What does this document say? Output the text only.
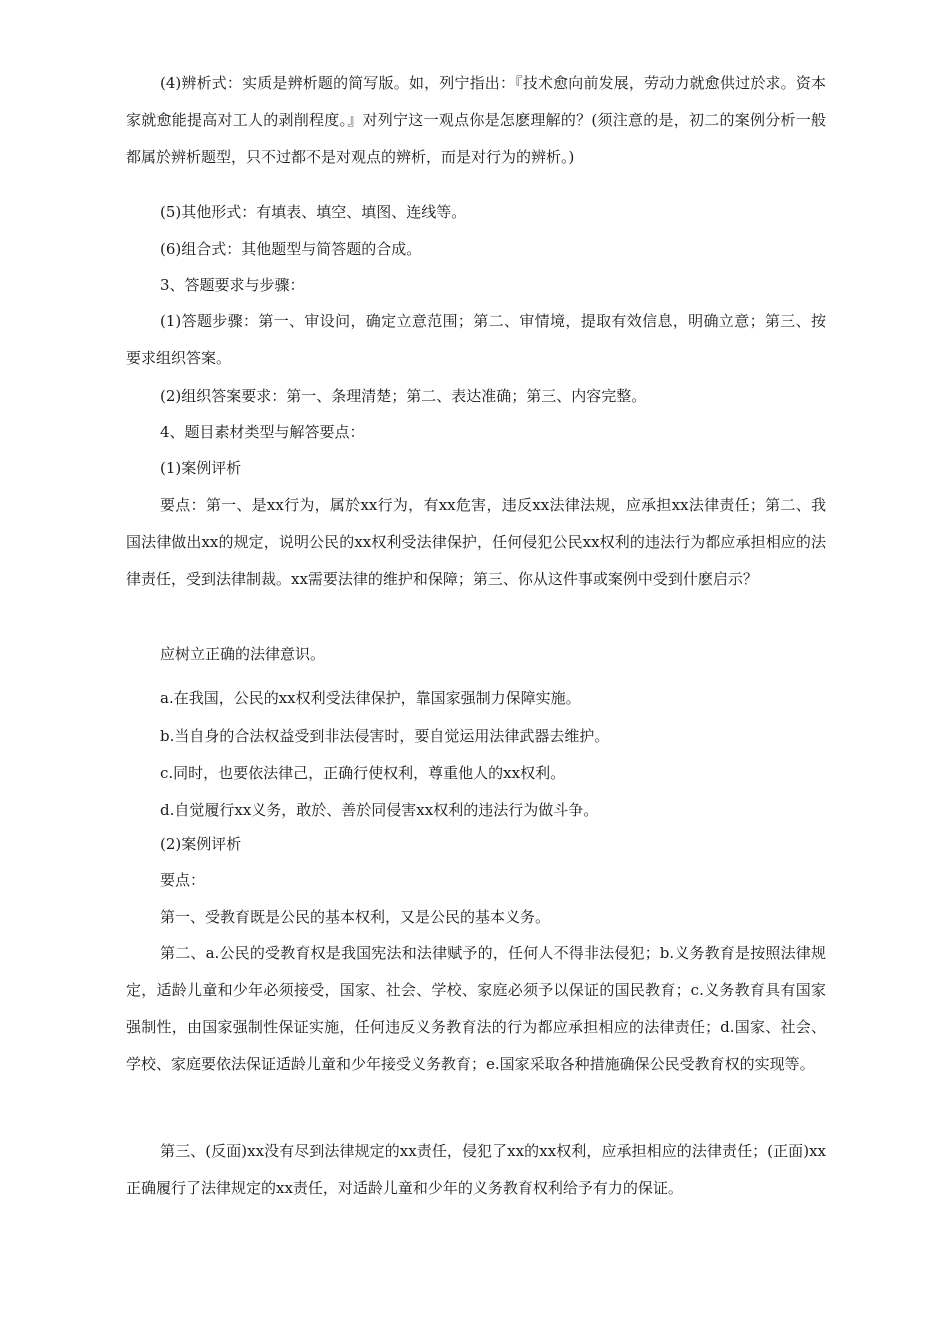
(4)辨析式：实质是辨析题的简写版。如，列宁指出：『技术愈向前发展，劳动力就愈供过於求。资本家就愈能提高对工人的剥削程度。』对列宁这一观点你是怎麽理解的？(须注意的是，初二的案例分析一般都属於辨析题型，只不过都不是对观点的辨析，而是对行为的辨析。)

(5)其他形式：有填表、填空、填图、连线等。

(6)组合式：其他题型与简答题的合成。

3、答题要求与步骤：

(1)答题步骤：第一、审设问，确定立意范围；第二、审情境，提取有效信息，明确立意；第三、按要求组织答案。

(2)组织答案要求：第一、条理清楚；第二、表达准确；第三、内容完整。

4、题目素材类型与解答要点：

(1)案例评析

要点：第一、是xx行为，属於xx行为，有xx危害，违反xx法律法规，应承担xx法律责任；第二、我国法律做出xx的规定，说明公民的xx权利受法律保护，任何侵犯公民xx权利的违法行为都应承担相应的法律责任，受到法律制裁。xx需要法律的维护和保障；第三、你从这件事或案例中受到什麽启示？

应树立正确的法律意识。

a.在我国，公民的xx权利受法律保护，靠国家强制力保障实施。

b.当自身的合法权益受到非法侵害时，要自觉运用法律武器去维护。

c.同时，也要依法律己，正确行使权利，尊重他人的xx权利。

d.自觉履行xx义务，敢於、善於同侵害xx权利的违法行为做斗争。

(2)案例评析

要点：

第一、受教育既是公民的基本权利，又是公民的基本义务。

第二、a.公民的受教育权是我国宪法和法律赋予的，任何人不得非法侵犯；b.义务教育是按照法律规定，适龄儿童和少年必须接受，国家、社会、学校、家庭必须予以保证的国民教育；c.义务教育具有国家强制性，由国家强制性保证实施，任何违反义务教育法的行为都应承担相应的法律责任；d.国家、社会、学校、家庭要依法保证适龄儿童和少年接受义务教育；e.国家采取各种措施确保公民受教育权的实现等。

第三、(反面)xx没有尽到法律规定的xx责任，侵犯了xx的xx权利，应承担相应的法律责任；(正面)xx正确履行了法律规定的xx责任，对适龄儿童和少年的义务教育权利给予有力的保证。
